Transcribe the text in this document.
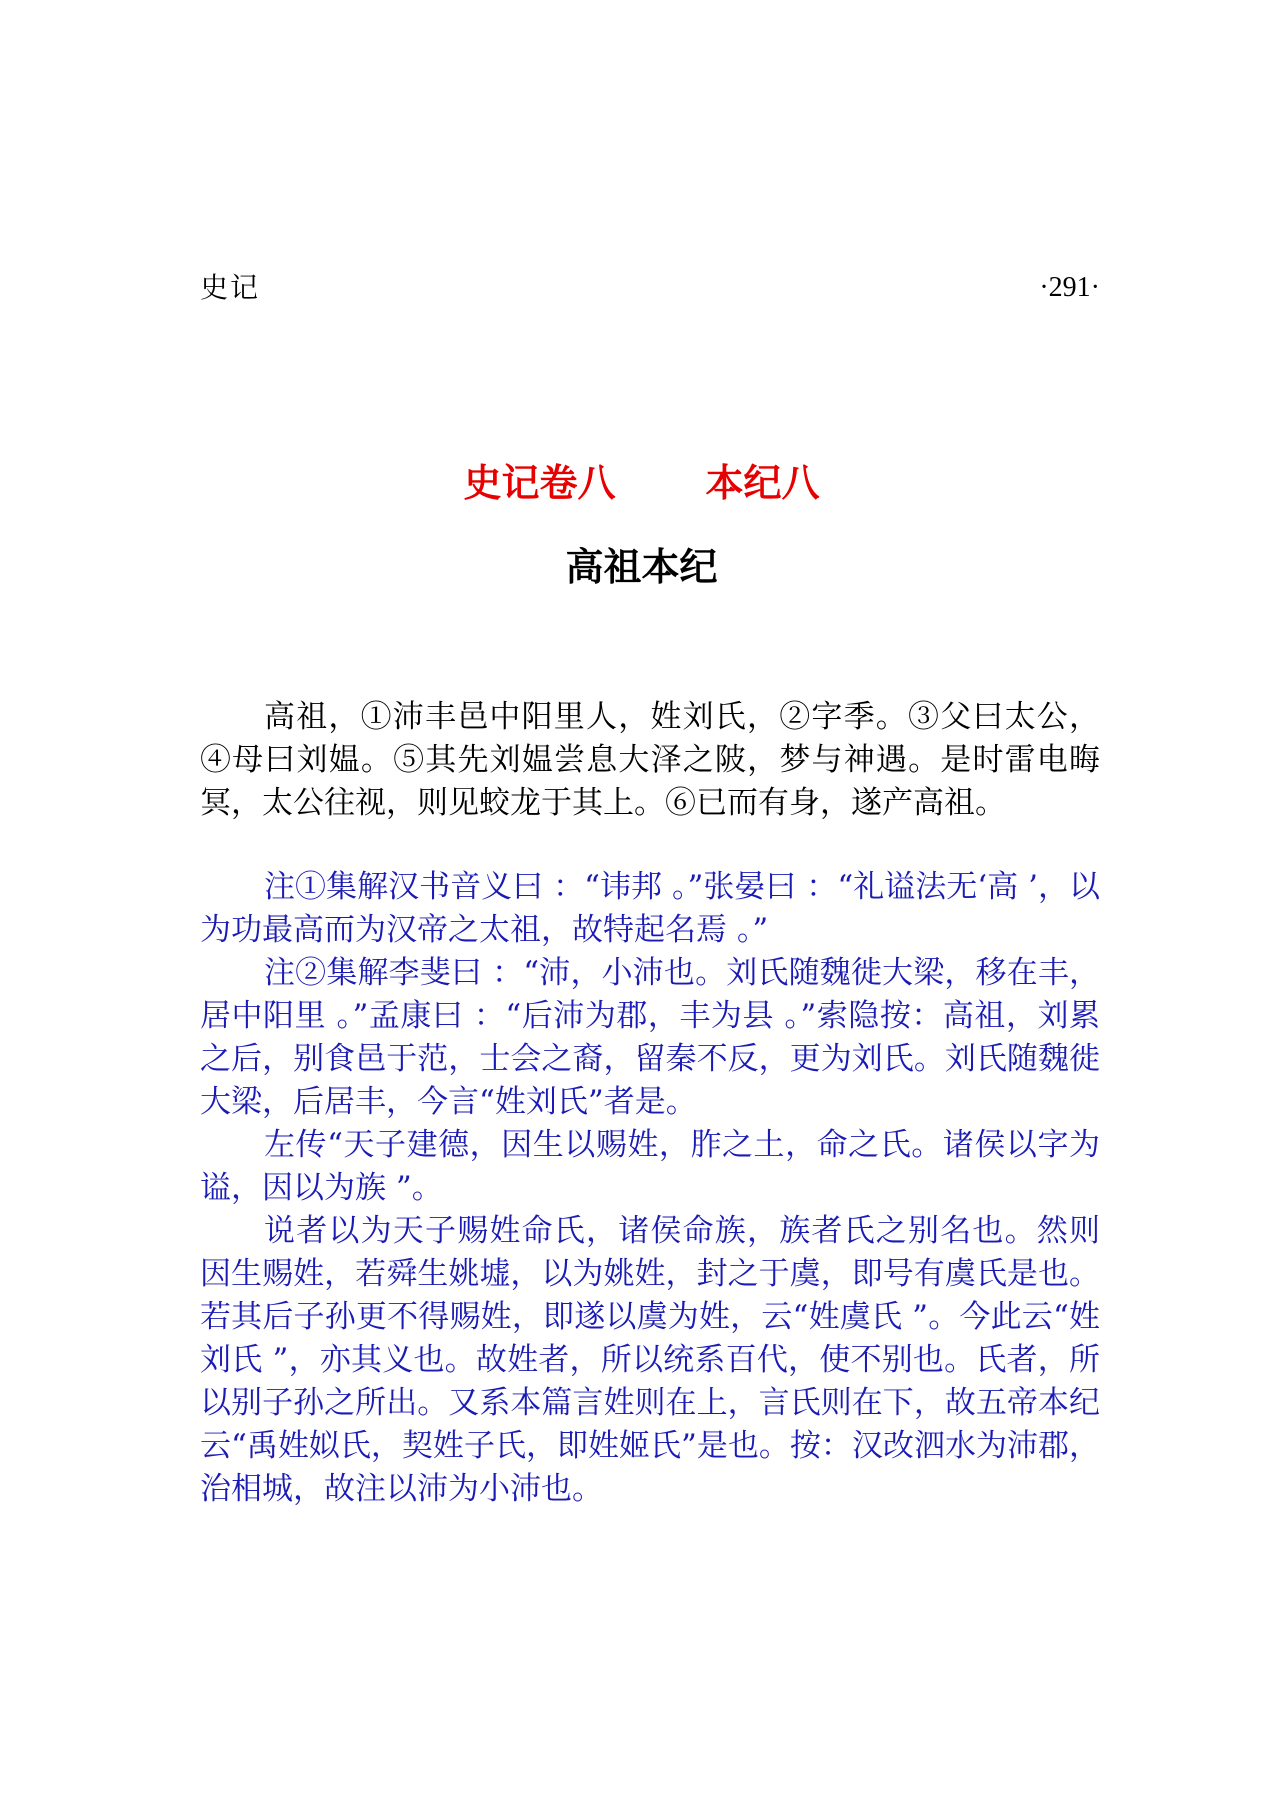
史记	·291·
史记卷八 本纪八
高祖本纪

高祖，①沛丰邑中阳里人，姓刘氏，②字季。③父曰太公，④母曰刘媪。⑤其先刘媪尝息大泽之陂，梦与神遇。是时雷电晦冥，太公往视，则见蛟龙于其上。⑥已而有身，遂产高祖。

注①集解汉书音义曰 ：“讳邦 。”张晏曰 ：“礼谥法无‘高 ’，以为功最高而为汉帝之太祖，故特起名焉 。”

注②集解李斐曰 ：“沛，小沛也。刘氏随魏徙大梁，移在丰，居中阳里 。”孟康曰 ：“后沛为郡，丰为县 。”索隐按：高祖，刘累之后，别食邑于范，士会之裔，留秦不反，更为刘氏。刘氏随魏徙大梁，后居丰，今言“姓刘氏”者是。

左传“天子建德，因生以赐姓，胙之土，命之氏。诸侯以字为谥，因以为族 ”。

说者以为天子赐姓命氏，诸侯命族，族者氏之别名也。然则因生赐姓，若舜生姚墟，以为姚姓，封之于虞，即号有虞氏是也。若其后子孙更不得赐姓，即遂以虞为姓，云“姓虞氏 ”。今此云“姓刘氏 ”，亦其义也。故姓者，所以统系百代，使不别也。氏者，所以别子孙之所出。又系本篇言姓则在上，言氏则在下，故五帝本纪云“禹姓姒氏，契姓子氏，即姓姬氏”是也。按：汉改泗水为沛郡，治相城，故注以沛为小沛也。
